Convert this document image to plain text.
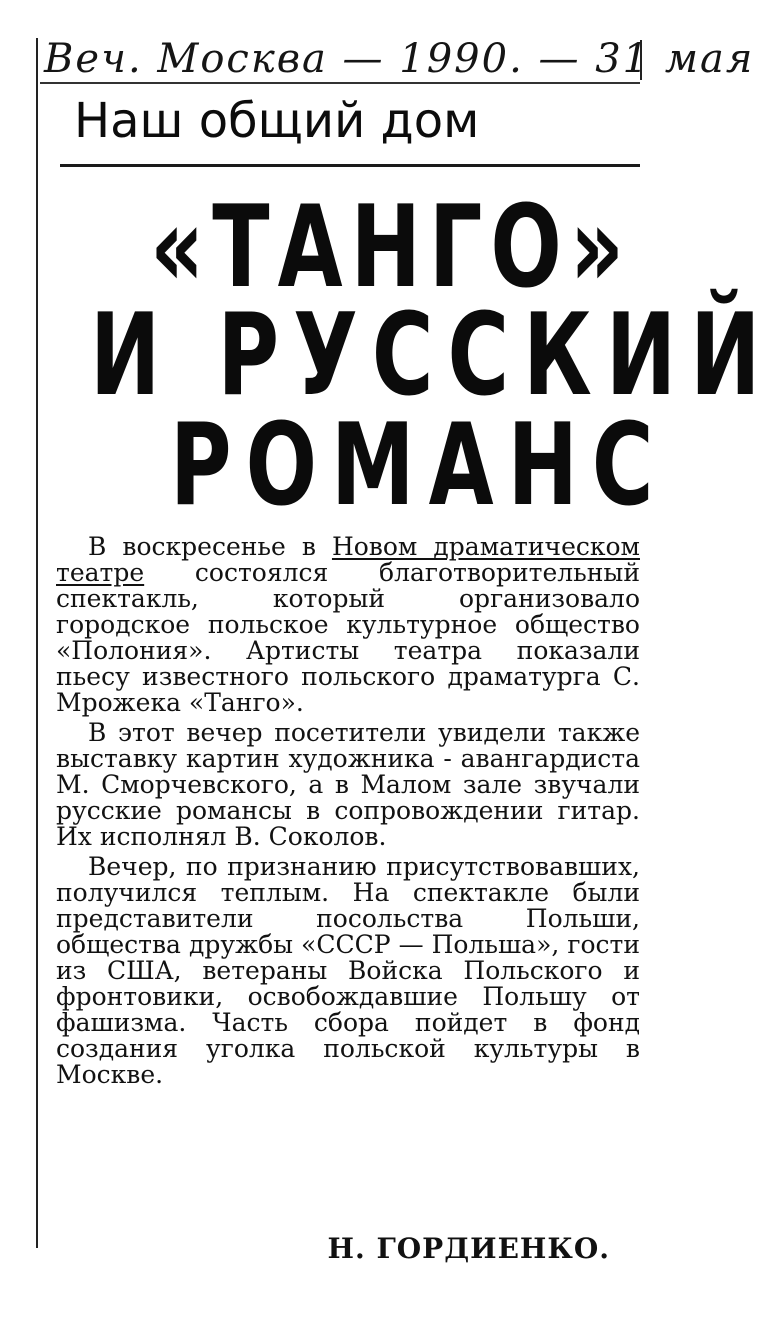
Веч. Москва — 1990. — 31 мая
Наш общий дом
«ТАНГО»
И РУССКИЙ
РОМАНС

В воскресенье в Новом драматическом театре состоялся благотворительный спектакль, который организовало городское польское культурное общество «Полония». Артисты театра показали пьесу известного польского драматурга С. Мрожека «Танго».

В этот вечер посетители увидели также выставку картин художника - авангардиста М. Сморчевского, а в Малом зале звучали русские романсы в сопровождении гитар. Их исполнял В. Соколов.

Вечер, по признанию присутствовавших, получился теплым. На спектакле были представители посольства Польши, общества дружбы «СССР — Польша», гости из США, ветераны Войска Польского и фронтовики, освобождавшие Польшу от фашизма. Часть сбора пойдет в фонд создания уголка польской культуры в Москве.

Н. ГОРДИЕНКО.
